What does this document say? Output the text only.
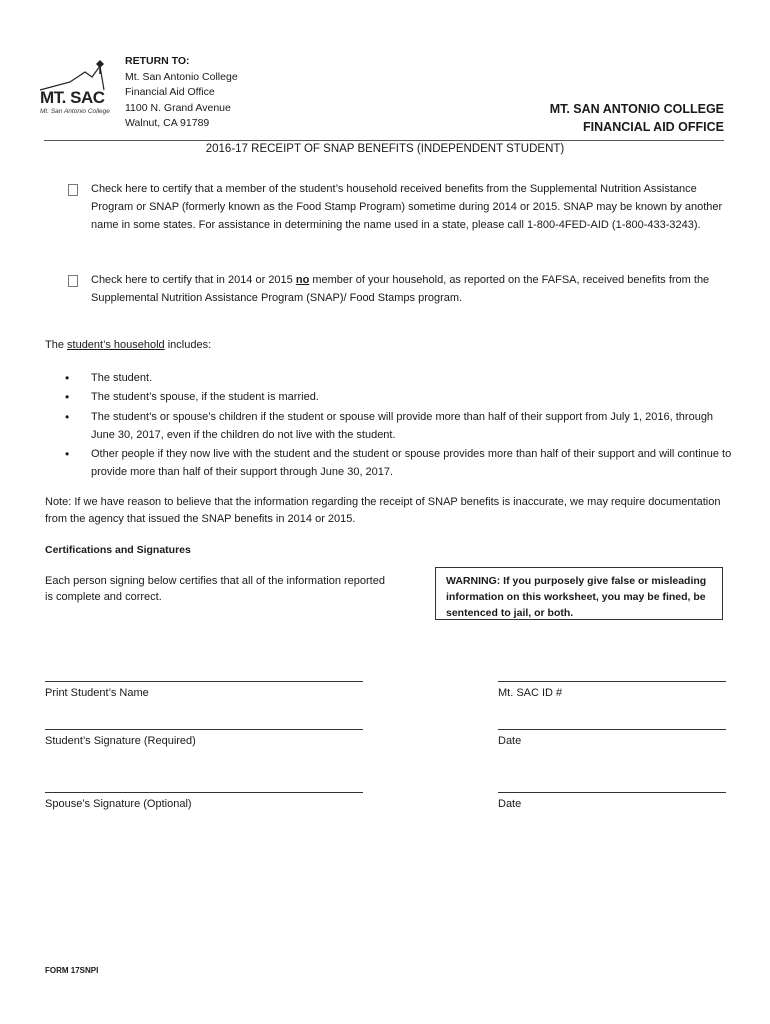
MT. SAC
Mt. San Antonio College
RETURN TO:
Mt. San Antonio College
Financial Aid Office
1100 N. Grand Avenue
Walnut, CA 91789
MT. SAN ANTONIO COLLEGE
FINANCIAL AID OFFICE
2016-17 RECEIPT OF SNAP BENEFITS (INDEPENDENT STUDENT)
Check here to certify that a member of the student’s household received benefits from the Supplemental Nutrition Assistance Program or SNAP (formerly known as the Food Stamp Program) sometime during 2014 or 2015. SNAP may be known by another name in some states. For assistance in determining the name used in a state, please call 1-800-4FED-AID (1-800-433-3243).
Check here to certify that in 2014 or 2015 no member of your household, as reported on the FAFSA, received benefits from the Supplemental Nutrition Assistance Program (SNAP)/ Food Stamps program.
The student’s household includes:
• The student.
• The student’s spouse, if the student is married.
• The student’s or spouse’s children if the student or spouse will provide more than half of their support from July 1, 2016, through June 30, 2017, even if the children do not live with the student.
• Other people if they now live with the student and the student or spouse provides more than half of their support and will continue to provide more than half of their support through June 30, 2017.
Note: If we have reason to believe that the information regarding the receipt of SNAP benefits is inaccurate, we may require documentation from the agency that issued the SNAP benefits in 2014 or 2015.
Certifications and Signatures
Each person signing below certifies that all of the information reported is complete and correct.
WARNING: If you purposely give false or misleading information on this worksheet, you may be fined, be sentenced to jail, or both.
Print Student’s Name	Mt. SAC ID #
Student’s Signature (Required)	Date
Spouse’s Signature (Optional)	Date
FORM 17SNPI
